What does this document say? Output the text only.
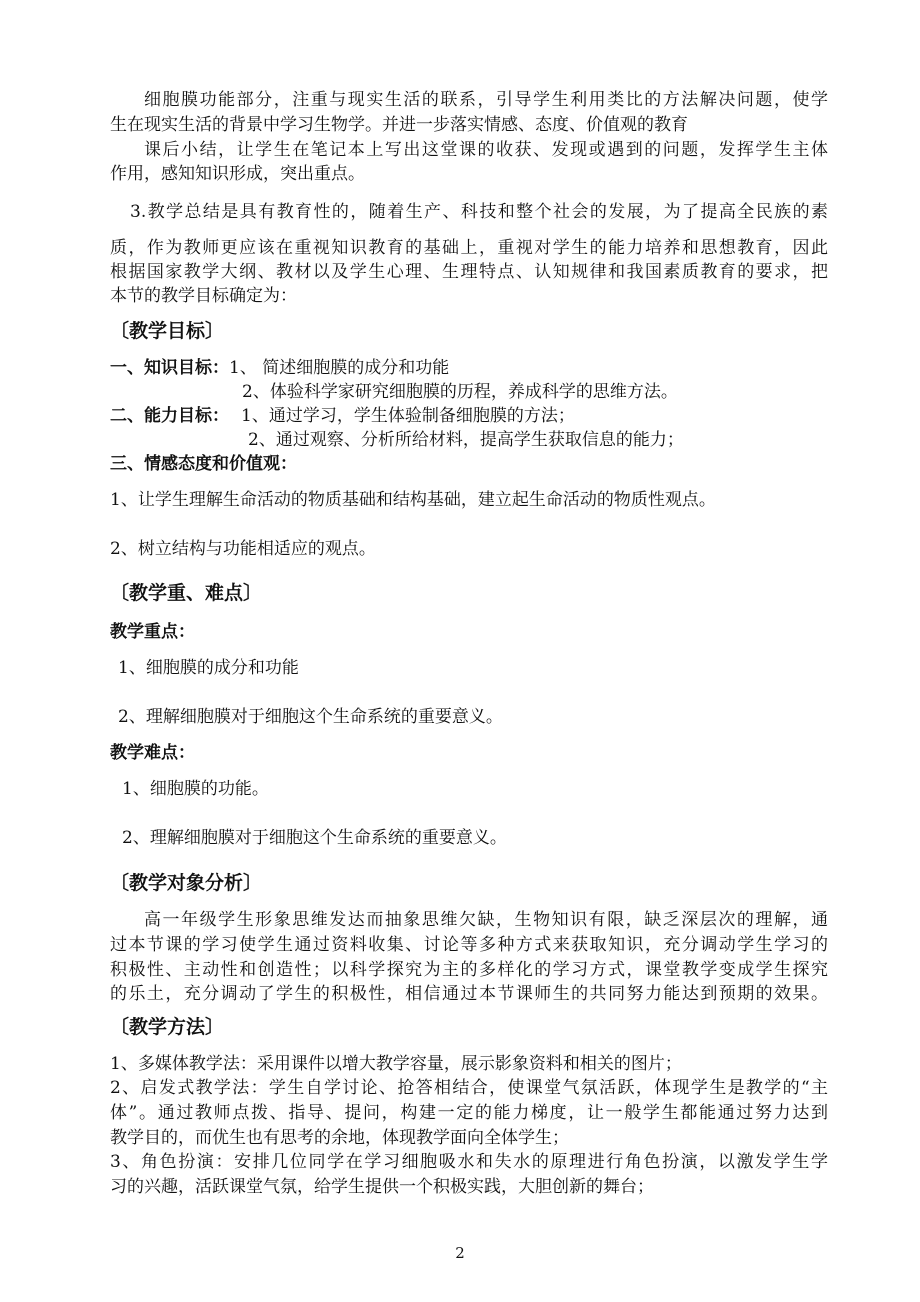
细胞膜功能部分，注重与现实生活的联系，引导学生利用类比的方法解决问题，使学
生在现实生活的背景中学习生物学。并进一步落实情感、态度、价值观的教育
课后小结，让学生在笔记本上写出这堂课的收获、发现或遇到的问题，发挥学生主体
作用，感知知识形成，突出重点。
3.教学总结是具有教育性的，随着生产、科技和整个社会的发展，为了提高全民族的素
质，作为教师更应该在重视知识教育的基础上，重视对学生的能力培养和思想教育，因此
根据国家教学大纲、教材以及学生心理、生理特点、认知规律和我国素质教育的要求，把
本节的教学目标确定为：
〔教学目标〕
一、知识目标：1、 简述细胞膜的成分和功能
2、体验科学家研究细胞膜的历程，养成科学的思维方法。
二、能力目标： 1、通过学习，学生体验制备细胞膜的方法；
2、通过观察、分析所给材料，提高学生获取信息的能力；
三、情感态度和价值观：
1、让学生理解生命活动的物质基础和结构基础，建立起生命活动的物质性观点。
2、树立结构与功能相适应的观点。
〔教学重、难点〕
教学重点：
1、细胞膜的成分和功能
2、理解细胞膜对于细胞这个生命系统的重要意义。
教学难点：
1、细胞膜的功能。
2、理解细胞膜对于细胞这个生命系统的重要意义。
〔教学对象分析〕
高一年级学生形象思维发达而抽象思维欠缺，生物知识有限，缺乏深层次的理解，通
过本节课的学习使学生通过资料收集、讨论等多种方式来获取知识，充分调动学生学习的
积极性、主动性和创造性；以科学探究为主的多样化的学习方式，课堂教学变成学生探究
的乐土，充分调动了学生的积极性，相信通过本节课师生的共同努力能达到预期的效果。
〔教学方法〕
1、多媒体教学法：采用课件以增大教学容量，展示影象资料和相关的图片；
2、启发式教学法：学生自学讨论、抢答相结合，使课堂气氛活跃，体现学生是教学的“主
体”。通过教师点拨、指导、提问，构建一定的能力梯度，让一般学生都能通过努力达到
教学目的，而优生也有思考的余地，体现教学面向全体学生；
3、角色扮演：安排几位同学在学习细胞吸水和失水的原理进行角色扮演，以激发学生学
习的兴趣，活跃课堂气氛，给学生提供一个积极实践，大胆创新的舞台；
2
